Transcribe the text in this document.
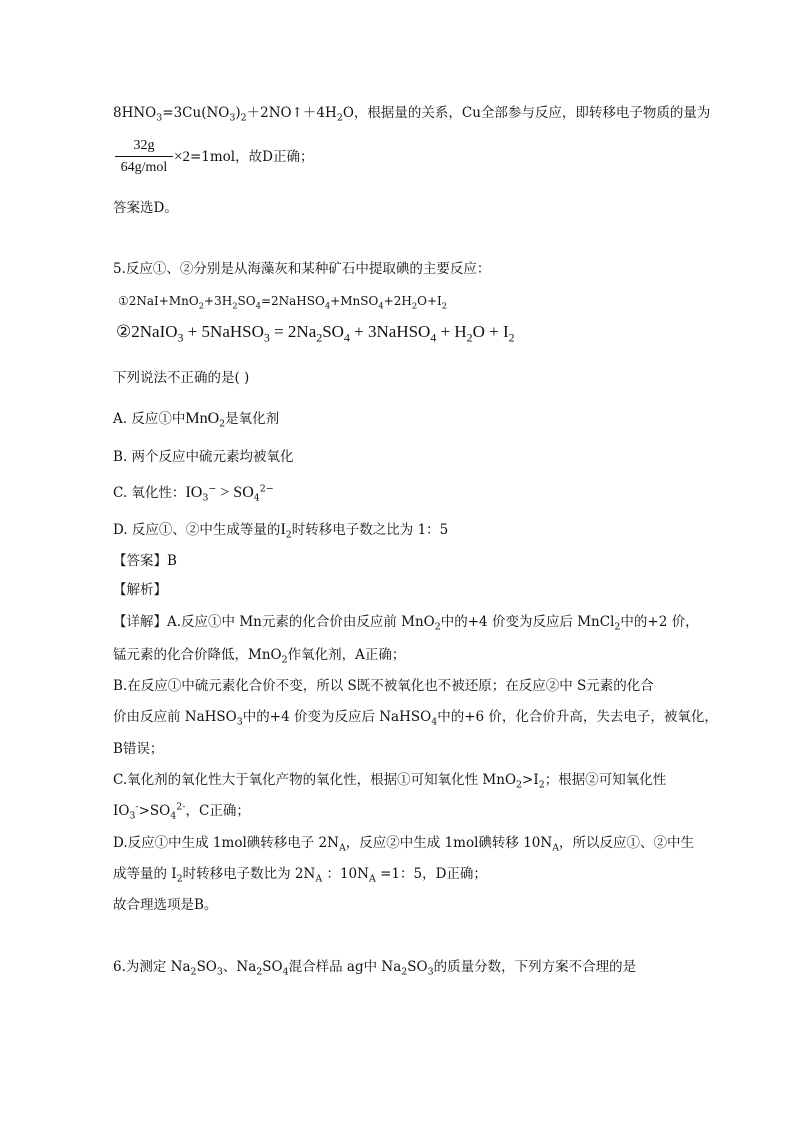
$8HNO_3=3Cu(NO_3)_2+2NO↑+4H_2O$，根据量的关系，Cu全部参与反应，即转移电子物质的量为
32g
64g/mol
×2=1mol，故D正确；
答案选D。
5.反应①、②分别是从海藻灰和某种矿石中提取碘的主要反应：
$①2NaI+MnO_2+3H_2SO_4=2NaHSO_4+MnSO_4+2H_2O+I_2$
②2NaIO$_3$ + 5NaHSO$_3$ = $2Na_2SO_4$ + 3NaHSO$_4$ + $H_2O + I_2$
下列说法不正确的是( )
A. 反应①中MnO$_2$是氧化剂
B. 两个反应中硫元素均被氧化
C. 氧化性：$IO_3^- > SO_4^{2-}$
D. 反应①、②中生成等量的$I_2$时转移电子数之比为 1：5
【答案】B
【解析】
【详解】A.反应①中 Mn元素的化合价由反应前 MnO$_2$中的+4 价变为反应后 MnCl$_2$中的+2 价，
锰元素的化合价降低，MnO$_2$作氧化剂，A正确；
B.在反应①中硫元素化合价不变，所以 S既不被氧化也不被还原；在反应②中 S元素的化合
价由反应前 NaHSO$_3$中的+4 价变为反应后 NaHSO$_4$中的+6 价，化合价升高，失去电子，被氧化，
B错误；
C.氧化剂的氧化性大于氧化产物的氧化性，根据①可知氧化性 $MnO_2>I_2$；根据②可知氧化性
$IO_3^->SO_4^{2-}$，C正确；
D.反应①中生成 1mol碘转移电子 $2N_A$，反应②中生成 1mol碘转移 $10N_A$，所以反应①、②中生
成等量的 $I_2$时转移电子数比为 $2N_A$ ：$10N_A =1$：5，D正确；
故合理选项是B。
6.为测定 $Na_2SO_3$、$Na_2SO_4$混合样品 ag中 $Na_2SO_3$的质量分数，下列方案不合理的是
